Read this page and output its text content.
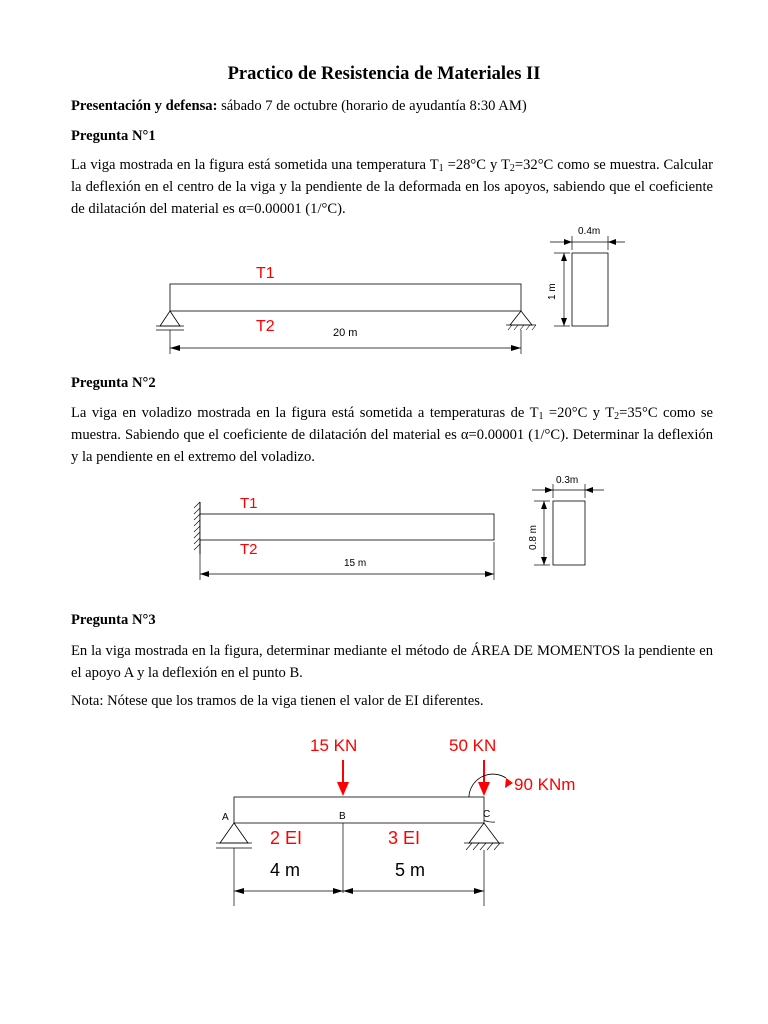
Practico de Resistencia de Materiales II
Presentación y defensa: sábado 7 de octubre (horario de ayudantía 8:30 AM)
Pregunta N°1
La viga mostrada en la figura está sometida una temperatura $T_1 =28^\circ C$ y $T_2=32^\circ C$ como se muestra. Calcular la deflexión en el centro de la viga y la pendiente de la deformada en los apoyos, sabiendo que el coeficiente de dilatación del material es α=0.00001 (1/°C).
T1
T2	20 m
0.4m
1 m
Pregunta N°2
La viga en voladizo mostrada en la figura está sometida a temperaturas de $T_1 =20^\circ C$ y $T_2=35^\circ C$ como se muestra. Sabiendo que el coeficiente de dilatación del material es α=0.00001 (1/°C). Determinar la deflexión y la pendiente en el extremo del voladizo.
T1
T2
15 m
0.3m
0.8 m
Pregunta N°3
En la viga mostrada en la figura, determinar mediante el método de ÁREA DE MOMENTOS la pendiente en el apoyo A y la deflexión en el punto B.
Nota: Nótese que los tramos de la viga tienen el valor de EI diferentes.
15 KN	50 KN
90 KNm
A	B	C
2 EI	3 EI
4 m	5 m
